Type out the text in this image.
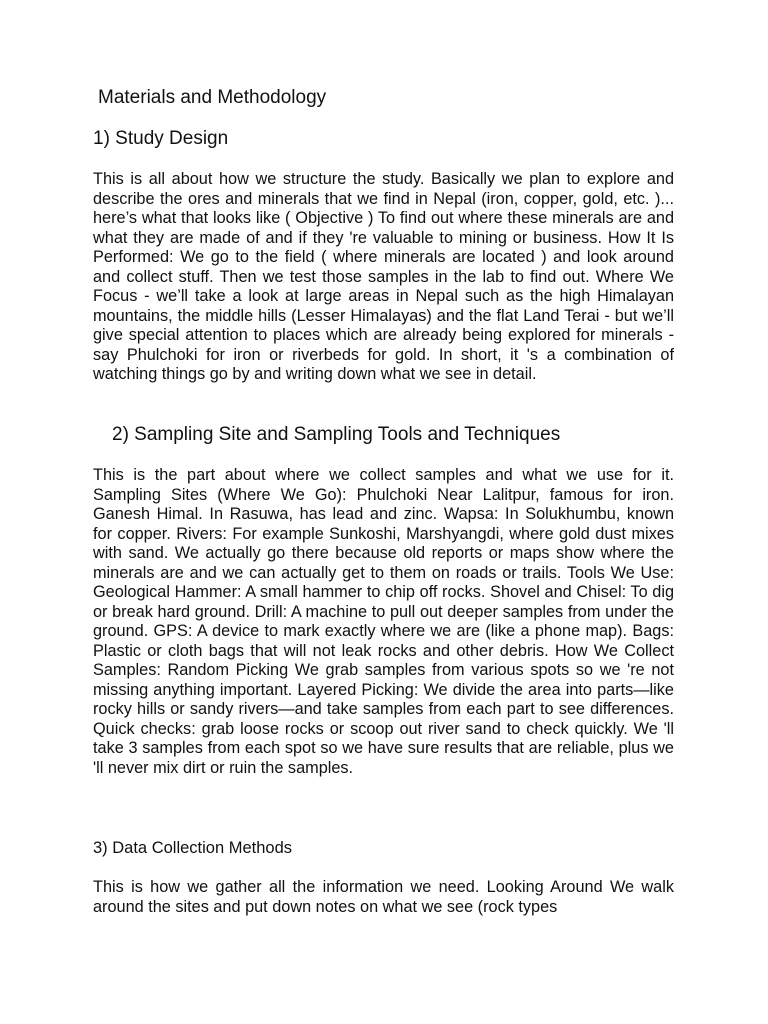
Materials and Methodology
1) Study Design

This is all about how we structure the study. Basically we plan to explore and describe the ores and minerals that we find in Nepal (iron, copper, gold, etc. )... here’s what that looks like ( Objective ) To find out where these minerals are and what they are made of and if they 're valuable to mining or business. How It Is Performed: We go to the field ( where minerals are located ) and look around and collect stuff. Then we test those samples in the lab to find out. Where We Focus - we’ll take a look at large areas in Nepal such as the high Himalayan mountains, the middle hills (Lesser Himalayas) and the flat Land Terai - but we’ll give special attention to places which are already being explored for minerals - say Phulchoki for iron or riverbeds for gold. In short, it 's a combination of watching things go by and writing down what we see in detail.

2) Sampling Site and Sampling Tools and Techniques

This is the part about where we collect samples and what we use for it. Sampling Sites (Where We Go): Phulchoki Near Lalitpur, famous for iron. Ganesh Himal. In Rasuwa, has lead and zinc. Wapsa: In Solukhumbu, known for copper. Rivers: For example Sunkoshi, Marshyangdi, where gold dust mixes with sand. We actually go there because old reports or maps show where the minerals are and we can actually get to them on roads or trails. Tools We Use: Geological Hammer: A small hammer to chip off rocks. Shovel and Chisel: To dig or break hard ground. Drill: A machine to pull out deeper samples from under the ground. GPS: A device to mark exactly where we are (like a phone map). Bags: Plastic or cloth bags that will not leak rocks and other debris. How We Collect Samples: Random Picking We grab samples from various spots so we 're not missing anything important. Layered Picking: We divide the area into parts—like rocky hills or sandy rivers—and take samples from each part to see differences. Quick checks: grab loose rocks or scoop out river sand to check quickly. We 'll take 3 samples from each spot so we have sure results that are reliable, plus we 'll never mix dirt or ruin the samples.

3) Data Collection Methods

This is how we gather all the information we need. Looking Around We walk around the sites and put down notes on what we see (rock types
